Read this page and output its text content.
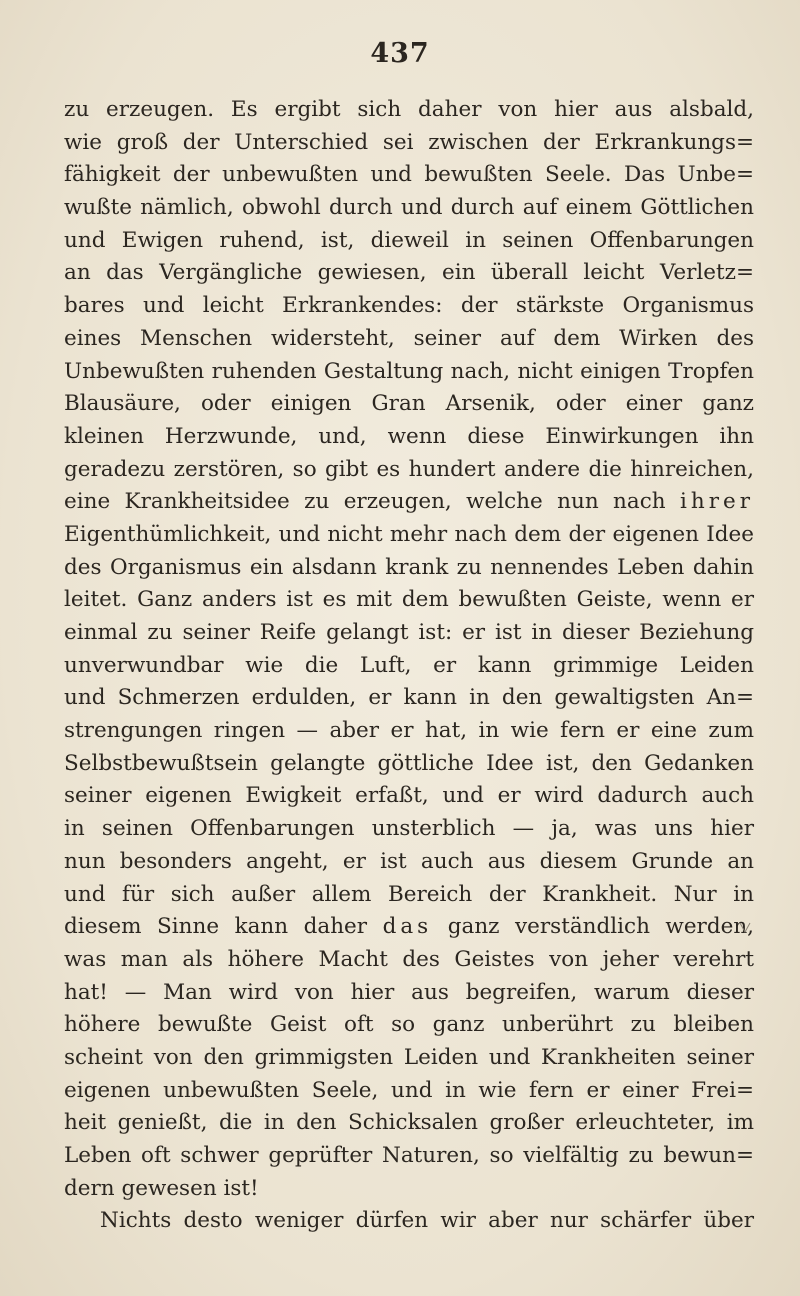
437
zu erzeugen. Es ergibt sich daher von hier aus alsbald,
wie groß der Unterschied sei zwischen der Erkrankungs=
fähigkeit der unbewußten und bewußten Seele. Das Unbe=
wußte nämlich, obwohl durch und durch auf einem Göttlichen
und Ewigen ruhend, ist, dieweil in seinen Offenbarungen
an das Vergängliche gewiesen, ein überall leicht Verletz=
bares und leicht Erkrankendes: der stärkste Organismus
eines Menschen widersteht, seiner auf dem Wirken des
Unbewußten ruhenden Gestaltung nach, nicht einigen Tropfen
Blausäure, oder einigen Gran Arsenik, oder einer ganz
kleinen Herzwunde, und, wenn diese Einwirkungen ihn
geradezu zerstören, so gibt es hundert andere die hinreichen,
eine Krankheitsidee zu erzeugen, welche nun nach ihrer
Eigenthümlichkeit, und nicht mehr nach dem der eigenen Idee
des Organismus ein alsdann krank zu nennendes Leben dahin
leitet. Ganz anders ist es mit dem bewußten Geiste, wenn er
einmal zu seiner Reife gelangt ist: er ist in dieser Beziehung
unverwundbar wie die Luft, er kann grimmige Leiden
und Schmerzen erdulden, er kann in den gewaltigsten An=
strengungen ringen — aber er hat, in wie fern er eine zum
Selbstbewußtsein gelangte göttliche Idee ist, den Gedanken
seiner eigenen Ewigkeit erfaßt, und er wird dadurch auch
in seinen Offenbarungen unsterblich — ja, was uns hier
nun besonders angeht, er ist auch aus diesem Grunde an
und für sich außer allem Bereich der Krankheit. Nur in
diesem Sinne kann daher das ganz verständlich werden,
was man als höhere Macht des Geistes von jeher verehrt
hat! — Man wird von hier aus begreifen, warum dieser
höhere bewußte Geist oft so ganz unberührt zu bleiben
scheint von den grimmigsten Leiden und Krankheiten seiner
eigenen unbewußten Seele, und in wie fern er einer Frei=
heit genießt, die in den Schicksalen großer erleuchteter, im
Leben oft schwer geprüfter Naturen, so vielfältig zu bewun=
dern gewesen ist!
Nichts desto weniger dürfen wir aber nur schärfer über
